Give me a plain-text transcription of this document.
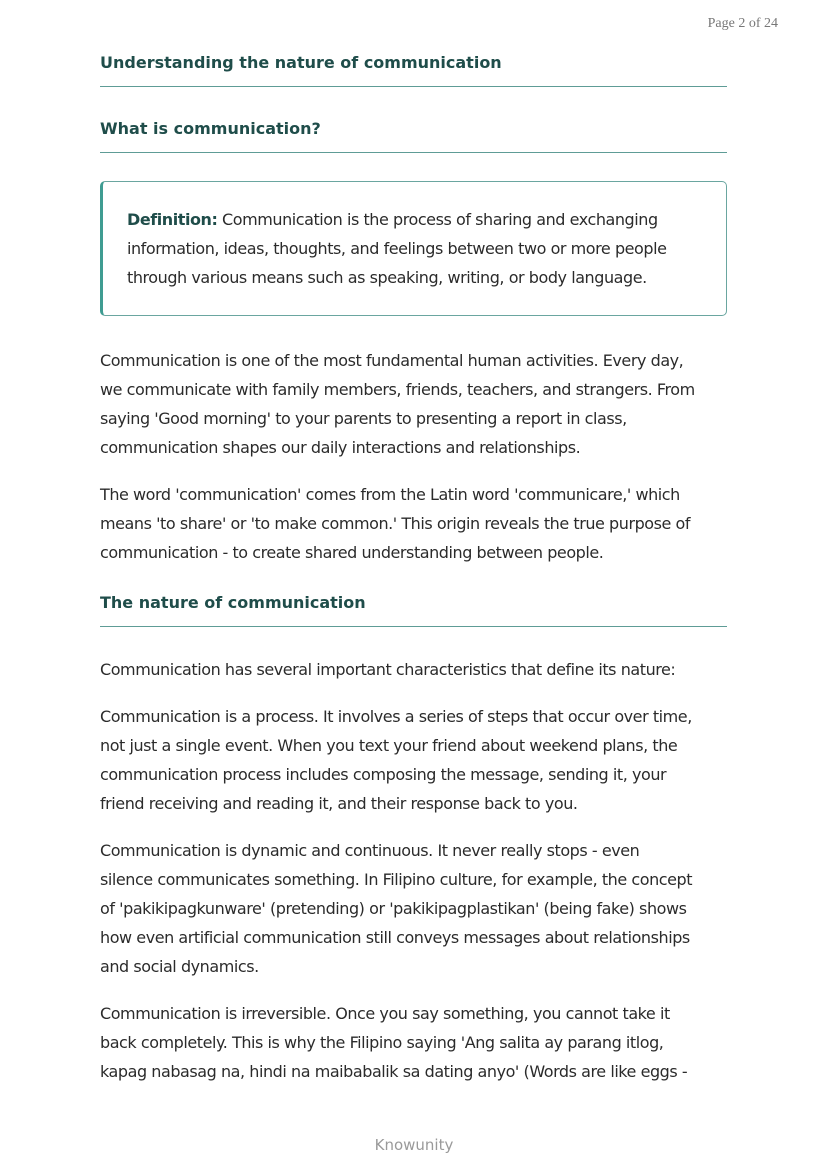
Page 2 of 24
Understanding the nature of communication
What is communication?
Definition: Communication is the process of sharing and exchanging
information, ideas, thoughts, and feelings between two or more people
through various means such as speaking, writing, or body language.
Communication is one of the most fundamental human activities. Every day,
we communicate with family members, friends, teachers, and strangers. From
saying 'Good morning' to your parents to presenting a report in class,
communication shapes our daily interactions and relationships.
The word 'communication' comes from the Latin word 'communicare,' which
means 'to share' or 'to make common.' This origin reveals the true purpose of
communication - to create shared understanding between people.
The nature of communication
Communication has several important characteristics that define its nature:
Communication is a process. It involves a series of steps that occur over time,
not just a single event. When you text your friend about weekend plans, the
communication process includes composing the message, sending it, your
friend receiving and reading it, and their response back to you.
Communication is dynamic and continuous. It never really stops - even
silence communicates something. In Filipino culture, for example, the concept
of 'pakikipagkunware' (pretending) or 'pakikipagplastikan' (being fake) shows
how even artificial communication still conveys messages about relationships
and social dynamics.
Communication is irreversible. Once you say something, you cannot take it
back completely. This is why the Filipino saying 'Ang salita ay parang itlog,
kapag nabasag na, hindi na maibabalik sa dating anyo' (Words are like eggs -
Knowunity
